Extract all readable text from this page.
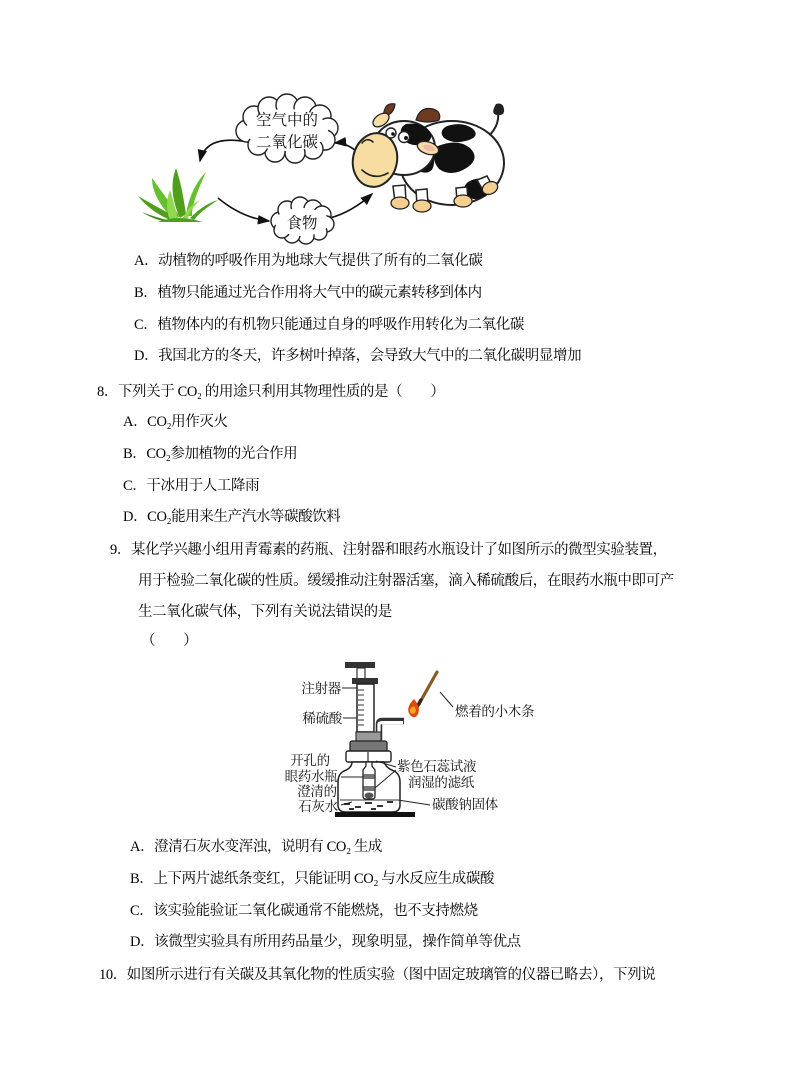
空气中的
二氧化碳
食物
A．动植物的呼吸作用为地球大气提供了所有的二氧化碳
B．植物只能通过光合作用将大气中的碳元素转移到体内
C．植物体内的有机物只能通过自身的呼吸作用转化为二氧化碳
D．我国北方的冬天，许多树叶掉落，会导致大气中的二氧化碳明显增加
8．下列关于 CO₂ 的用途只利用其物理性质的是（　　）
A．CO₂用作灭火
B．CO₂参加植物的光合作用
C．干冰用于人工降雨
D．CO₂能用来生产汽水等碳酸饮料
9．某化学兴趣小组用青霉素的药瓶、注射器和眼药水瓶设计了如图所示的微型实验装置，
用于检验二氧化碳的性质。缓缓推动注射器活塞，滴入稀硫酸后，在眼药水瓶中即可产
生二氧化碳气体，下列有关说法错误的是
（　　）
注射器
稀硫酸	燃着的小木条
开孔的
眼药水瓶
澄清的
石灰水
紫色石蕊试液
润湿的滤纸
碳酸钠固体
A．澄清石灰水变浑浊，说明有 CO₂ 生成
B．上下两片滤纸条变红，只能证明 CO₂ 与水反应生成碳酸
C．该实验能验证二氧化碳通常不能燃烧，也不支持燃烧
D．该微型实验具有所用药品量少，现象明显，操作简单等优点
10．如图所示进行有关碳及其氧化物的性质实验（图中固定玻璃管的仪器已略去），下列说
